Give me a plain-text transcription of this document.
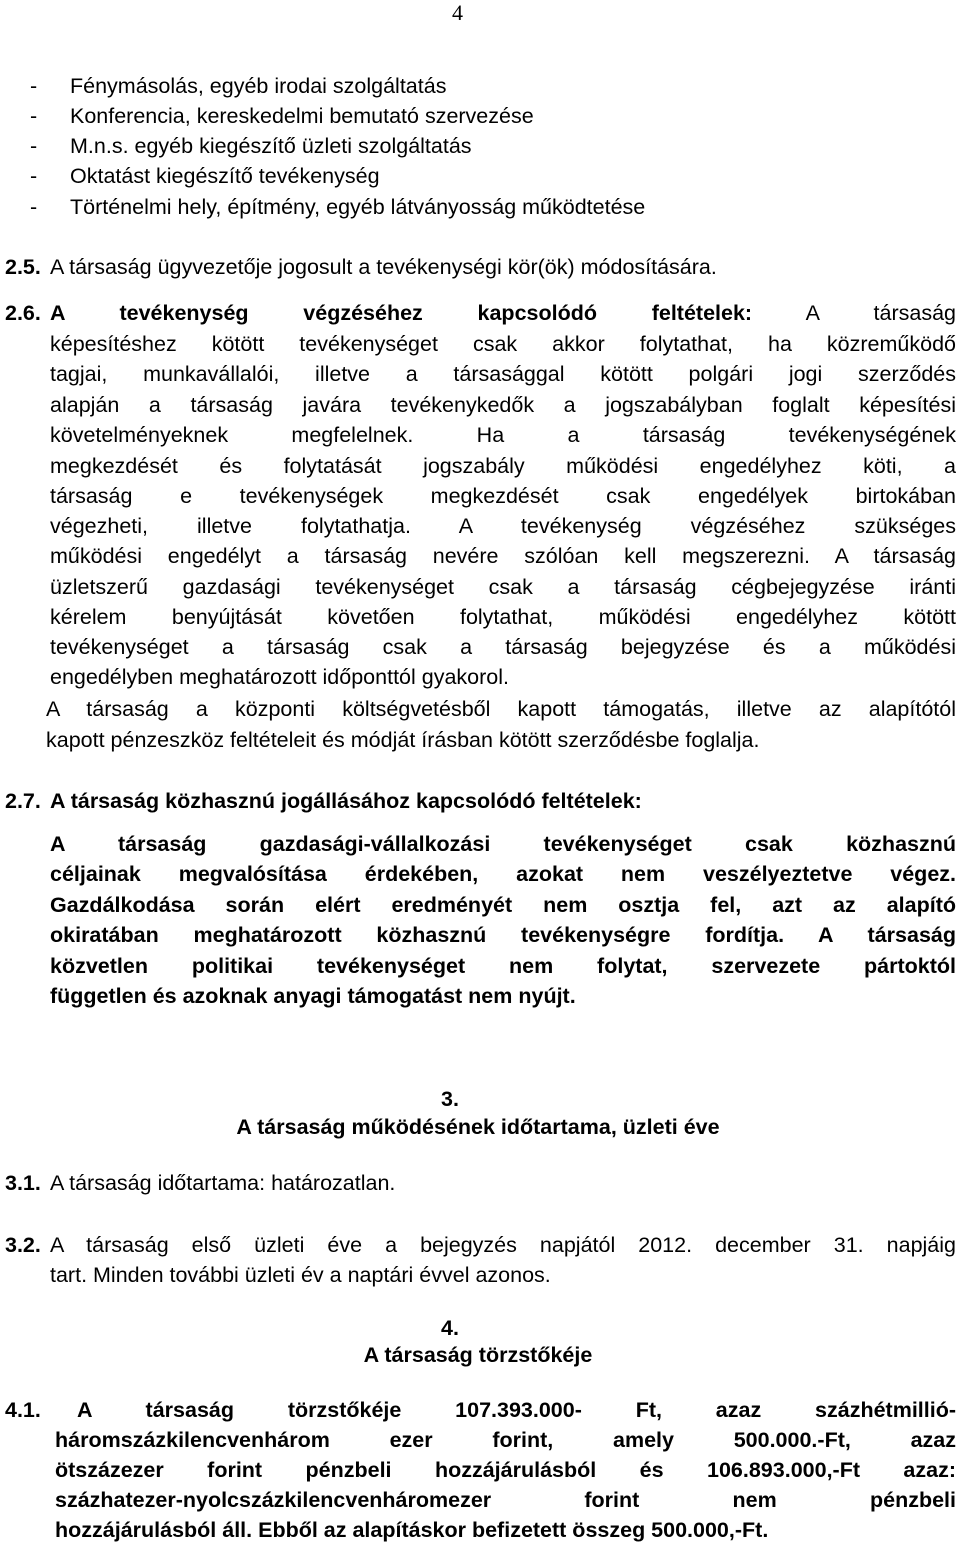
4
- Fénymásolás, egyéb irodai szolgáltatás
- Konferencia, kereskedelmi bemutató szervezése
- M.n.s. egyéb kiegészítő üzleti szolgáltatás
- Oktatást kiegészítő tevékenység
- Történelmi hely, építmény, egyéb látványosság működtetése
2.5. A társaság ügyvezetője jogosult a tevékenységi kör(ök) módosítására.
2.6. A tevékenység végzéséhez kapcsolódó feltételek: A társaság
képesítéshez kötött tevékenységet csak akkor folytathat, ha közreműködő
tagjai, munkavállalói, illetve a társasággal kötött polgári jogi szerződés
alapján a társaság javára tevékenykedők a jogszabályban foglalt képesítési
követelményeknek megfelelnek. Ha a társaság tevékenységének
megkezdését és folytatását jogszabály működési engedélyhez köti, a
társaság e tevékenységek megkezdését csak engedélyek birtokában
végezheti, illetve folytathatja. A tevékenység végzéséhez szükséges
működési engedélyt a társaság nevére szólóan kell megszerezni. A társaság
üzletszerű gazdasági tevékenységet csak a társaság cégbejegyzése iránti
kérelem benyújtását követően folytathat, működési engedélyhez kötött
tevékenységet a társaság csak a társaság bejegyzése és a működési
engedélyben meghatározott időponttól gyakorol.
A társaság a központi költségvetésből kapott támogatás, illetve az alapítótól
kapott pénzeszköz feltételeit és módját írásban kötött szerződésbe foglalja.
2.7. A társaság közhasznú jogállásához kapcsolódó feltételek:
A társaság gazdasági-vállalkozási tevékenységet csak közhasznú
céljainak megvalósítása érdekében, azokat nem veszélyeztetve végez.
Gazdálkodása során elért eredményét nem osztja fel, azt az alapító
okiratában meghatározott közhasznú tevékenységre fordítja. A társaság
közvetlen politikai tevékenységet nem folytat, szervezete pártoktól
független és azoknak anyagi támogatást nem nyújt.
3.
A társaság működésének időtartama, üzleti éve
3.1. A társaság időtartama: határozatlan.
3.2. A társaság első üzleti éve a bejegyzés napjától 2012. december 31. napjáig
tart. Minden további üzleti év a naptári évvel azonos.
4.
A társaság törzstőkéje
4.1. A társaság törzstőkéje 107.393.000- Ft, azaz százhétmillió-
háromszázkilencvenhárom ezer forint, amely 500.000.-Ft, azaz
ötszázezer forint pénzbeli hozzájárulásból és 106.893.000,-Ft azaz:
százhatezer-nyolcszázkilencvenháromezer forint nem pénzbeli
hozzájárulásból áll. Ebből az alapításkor befizetett összeg 500.000,-Ft.
